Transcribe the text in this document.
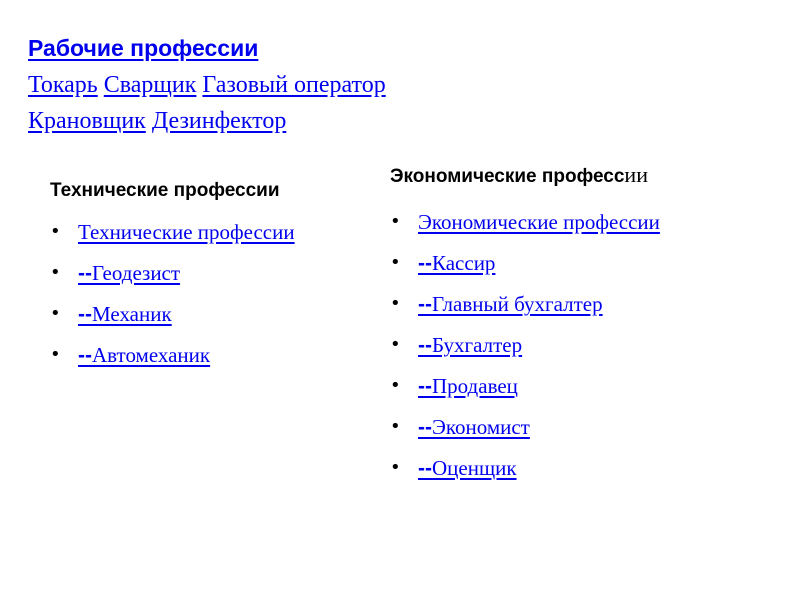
Рабочие профессии
Токарь Сварщик Газовый оператор
Крановщик Дезинфектор
Технические профессии
• Технические профессии
• --Геодезист
• --Механик
• --Автомеханик
Экономические профессии
• Экономические профессии
• --Кассир
• --Главный бухгалтер
• --Бухгалтер
• --Продавец
• --Экономист
• --Оценщик
